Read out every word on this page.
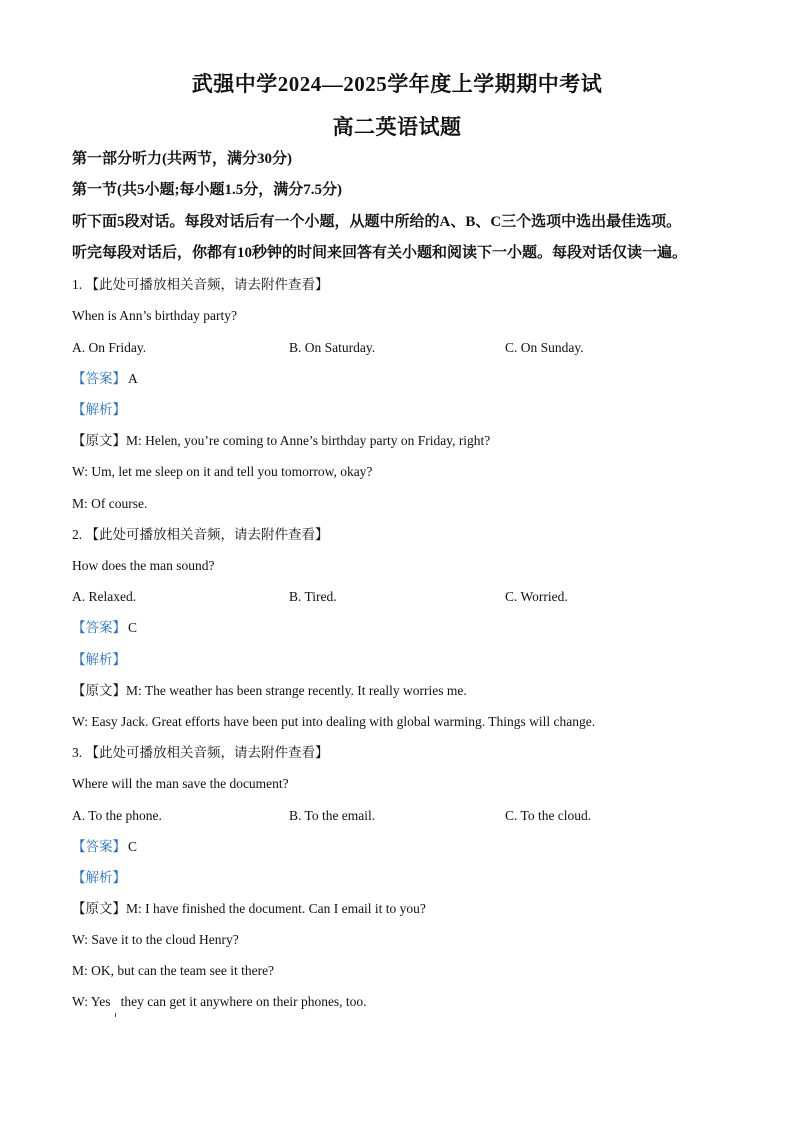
武强中学2024—2025学年度上学期期中考试
高二英语试题
第一部分听力(共两节，满分30分)
第一节(共5小题;每小题1.5分，满分7.5分)
听下面5段对话。每段对话后有一个小题，从题中所给的A、B、C三个选项中选出最佳选项。
听完每段对话后，你都有10秒钟的时间来回答有关小题和阅读下一小题。每段对话仅读一遍。
1. 【此处可播放相关音频，请去附件查看】
When is Ann’s birthday party?
A. On Friday.	B. On Saturday.	C. On Sunday.
【答案】 A
【解析】
【原文】M: Helen, you’re coming to Anne’s birthday party on Friday, right?
W: Um, let me sleep on it and tell you tomorrow, okay?
M: Of course.
2. 【此处可播放相关音频，请去附件查看】
How does the man sound?
A. Relaxed.	B. Tired.	C. Worried.
【答案】 C
【解析】
【原文】M: The weather has been strange recently. It really worries me.
W: Easy Jack. Great efforts have been put into dealing with global warming. Things will change.
3. 【此处可播放相关音频，请去附件查看】
Where will the man save the document?
A. To the phone.	B. To the email.	C. To the cloud.
【答案】 C
【解析】
【原文】M: I have finished the document. Can I email it to you?
W: Save it to the cloud Henry?
M: OK, but can the team see it there?
W: Yes   they can get it anywhere on their phones, too.
